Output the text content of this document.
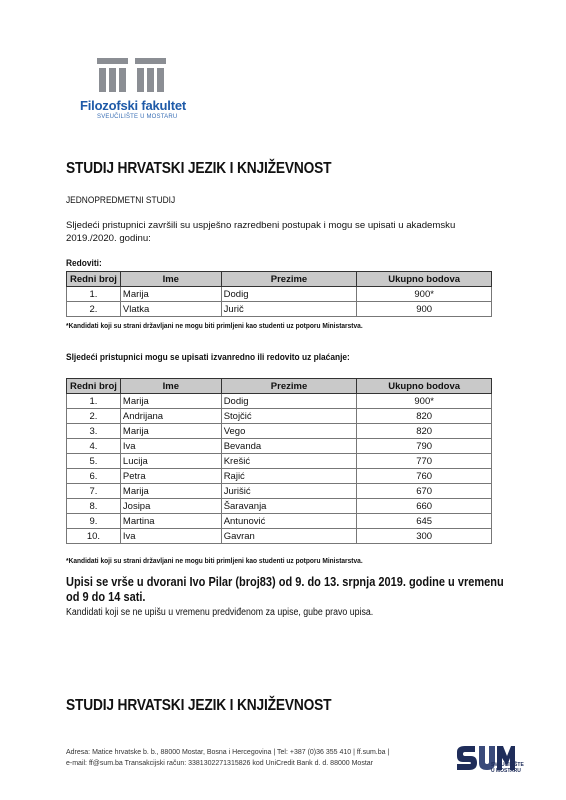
Filozofski fakultet
SVEUČILIŠTE U MOSTARU
STUDIJ HRVATSKI JEZIK I KNJIŽEVNOST
JEDNOPREDMETNI STUDIJ
Sljedeći pristupnici završili su uspješno razredbeni postupak i mogu se upisati u akademsku
2019./2020. godinu:
Redoviti:
Redni broj	Ime	Prezime	Ukupno bodova
1.	Marija	Dodig	900*
2.	Vlatka	Jurič	900
*Kandidati koji su strani državljani ne mogu biti primljeni kao studenti uz potporu Ministarstva.
Sljedeći pristupnici mogu se upisati izvanredno ili redovito uz plaćanje:
Redni broj	Ime	Prezime	Ukupno bodova
1.	Marija	Dodig	900*
2.	Andrijana	Stojčić	820
3.	Marija	Vego	820
4.	Iva	Bevanda	790
5.	Lucija	Krešić	770
6.	Petra	Rajić	760
7.	Marija	Jurišić	670
8.	Josipa	Šaravanja	660
9.	Martina	Antunović	645
10.	Iva	Gavran	300
*Kandidati koji su strani državljani ne mogu biti primljeni kao studenti uz potporu Ministarstva.
Upisi se vrše u dvorani Ivo Pilar (broj83) od 9. do 13. srpnja 2019. godine u vremenu
od 9 do 14 sati.
Kandidati koji se ne upišu u vremenu predviđenom za upise, gube pravo upisa.
STUDIJ HRVATSKI JEZIK I KNJIŽEVNOST
Adresa: Matice hrvatske b. b., 88000 Mostar, Bosna i Hercegovina | Tel: +387 (0)36 355 410 | ff.sum.ba |
e-mail: ff@sum.ba Transakcijski račun: 3381302271315826 kod UniCredit Bank d. d. 88000 Mostar	SVEUČILIŠTE
U MOSTARU
